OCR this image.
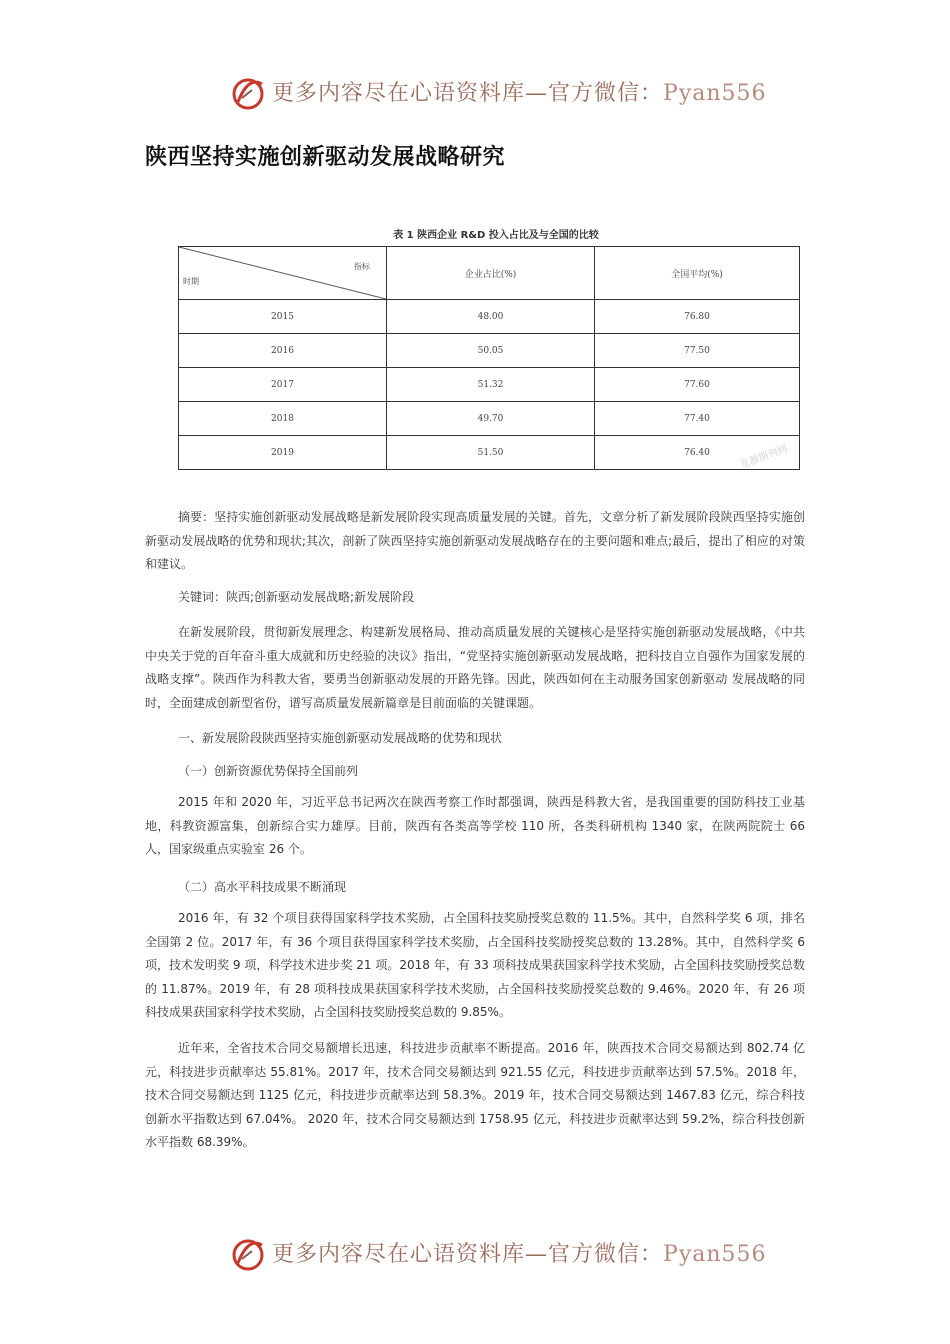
更多内容尽在心语资料库—官方微信：Pyan556
陕西坚持实施创新驱动发展战略研究
表 1 陕西企业 R&D 投入占比及与全国的比较
指标
时期	企业占比(%)	全国平均(%)
2015	48.00	76.80
2016	50.05	77.50
2017	51.32	77.60
2018	49.70	77.40
2019	51.50	76.40	龙源期刊网

摘要：坚持实施创新驱动发展战略是新发展阶段实现高质量发展的关键。首先，文章分析了新发展阶段陕西坚持实施创新驱动发展战略的优势和现状;其次，剖新了陕西坚持实施创新驱动发展战略存在的主要问题和难点;最后，提出了相应的对策和建议。

关键词：陕西;创新驱动发展战略;新发展阶段

在新发展阶段，贯彻新发展理念、构建新发展格局、推动高质量发展的关键核心是坚持实施创新驱动发展战略，《中共中央关于党的百年奋斗重大成就和历史经验的决议》指出，“党坚持实施创新驱动发展战略，把科技自立自强作为国家发展的战略支撑”。陕西作为科教大省，要勇当创新驱动发展的开路先锋。因此，陕西如何在主动服务国家创新驱动 发展战略的同时，全面建成创新型省份，谱写高质量发展新篇章是目前面临的关键课题。

一、新发展阶段陕西坚持实施创新驱动发展战略的优势和现状

（一）创新资源优势保持全国前列

2015 年和 2020 年，习近平总书记两次在陕西考察工作时都强调，陕西是科教大省，是我国重要的国防科技工业基地，科教资源富集，创新综合实力雄厚。目前，陕西有各类高等学校 110 所，各类科研机构 1340 家，在陕两院院士 66 人，国家级重点实验室 26 个。

（二）高水平科技成果不断涌现

2016 年，有 32 个项目获得国家科学技术奖励，占全国科技奖励授奖总数的 11.5%。其中，自然科学奖 6 项，排名全国第 2 位。2017 年，有 36 个项目获得国家科学技术奖励，占全国科技奖励授奖总数的 13.28%。其中，自然科学奖 6 项，技术发明奖 9 项，科学技术进步奖 21 项。2018 年，有 33 项科技成果获国家科学技术奖励，占全国科技奖励授奖总数的 11.87%。2019 年，有 28 项科技成果获国家科学技术奖励，占全国科技奖励授奖总数的 9.46%。2020 年，有 26 项科技成果获国家科学技术奖励，占全国科技奖励授奖总数的 9.85%。

近年来，全省技术合同交易额增长迅速，科技进步贡献率不断提高。2016 年，陕西技术合同交易额达到 802.74 亿元，科技进步贡献率达 55.81%。2017 年，技术合同交易额达到 921.55 亿元，科技进步贡献率达到 57.5%。2018 年，技术合同交易额达到 1125 亿元，科技进步贡献率达到 58.3%。2019 年，技术合同交易额达到 1467.83 亿元，综合科技创新水平指数达到 67.04%。 2020 年，技术合同交易额达到 1758.95 亿元，科技进步贡献率达到 59.2%，综合科技创新水平指数 68.39%。

更多内容尽在心语资料库—官方微信：Pyan556
